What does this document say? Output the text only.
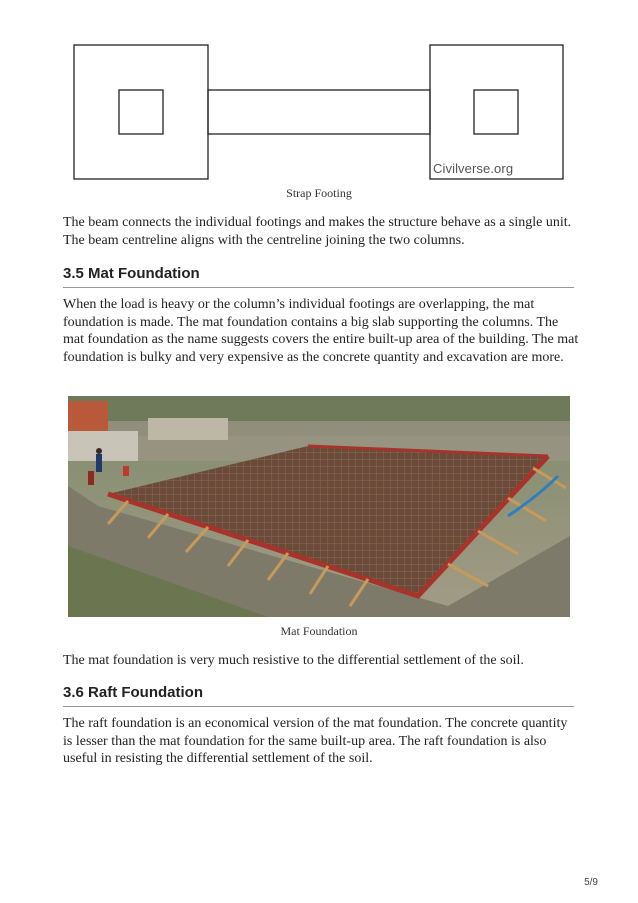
Civilverse.org
Strap Footing
The beam connects the individual footings and makes the structure behave as a single unit. The beam centreline aligns with the centreline joining the two columns.
3.5 Mat Foundation
When the load is heavy or the column’s individual footings are overlapping, the mat foundation is made. The mat foundation contains a big slab supporting the columns. The mat foundation as the name suggests covers the entire built-up area of the building. The mat foundation is bulky and very expensive as the concrete quantity and excavation are more.
Mat Foundation
The mat foundation is very much resistive to the differential settlement of the soil.
3.6 Raft Foundation
The raft foundation is an economical version of the mat foundation. The concrete quantity is lesser than the mat foundation for the same built-up area. The raft foundation is also useful in resisting the differential settlement of the soil.
5/9
